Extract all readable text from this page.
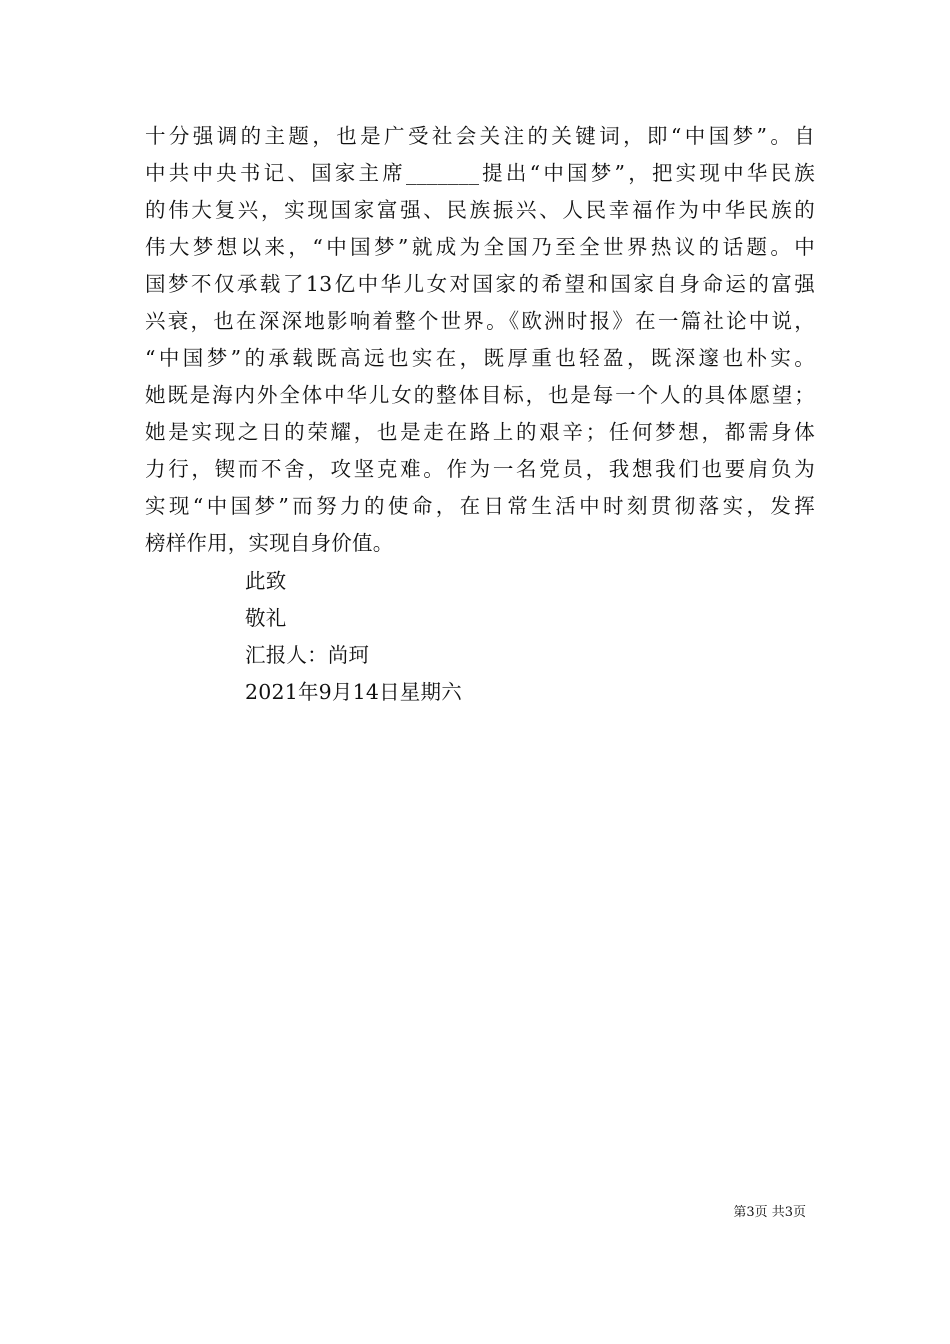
十分强调的主题，也是广受社会关注的关键词，即“中国梦”。自
中共中央书记、国家主席_______提出“中国梦”，把实现中华民族
的伟大复兴，实现国家富强、民族振兴、人民幸福作为中华民族的
伟大梦想以来，“中国梦”就成为全国乃至全世界热议的话题。中
国梦不仅承载了13亿中华儿女对国家的希望和国家自身命运的富强
兴衰，也在深深地影响着整个世界。《欧洲时报》在一篇社论中说，
“中国梦”的承载既高远也实在，既厚重也轻盈，既深邃也朴实。
她既是海内外全体中华儿女的整体目标，也是每一个人的具体愿望；
她是实现之日的荣耀，也是走在路上的艰辛；任何梦想，都需身体
力行，锲而不舍，攻坚克难。作为一名党员，我想我们也要肩负为
实现“中国梦”而努力的使命，在日常生活中时刻贯彻落实，发挥
榜样作用，实现自身价值。
此致
敬礼
汇报人：尚珂
2021年9月14日星期六
第3页 共3页
